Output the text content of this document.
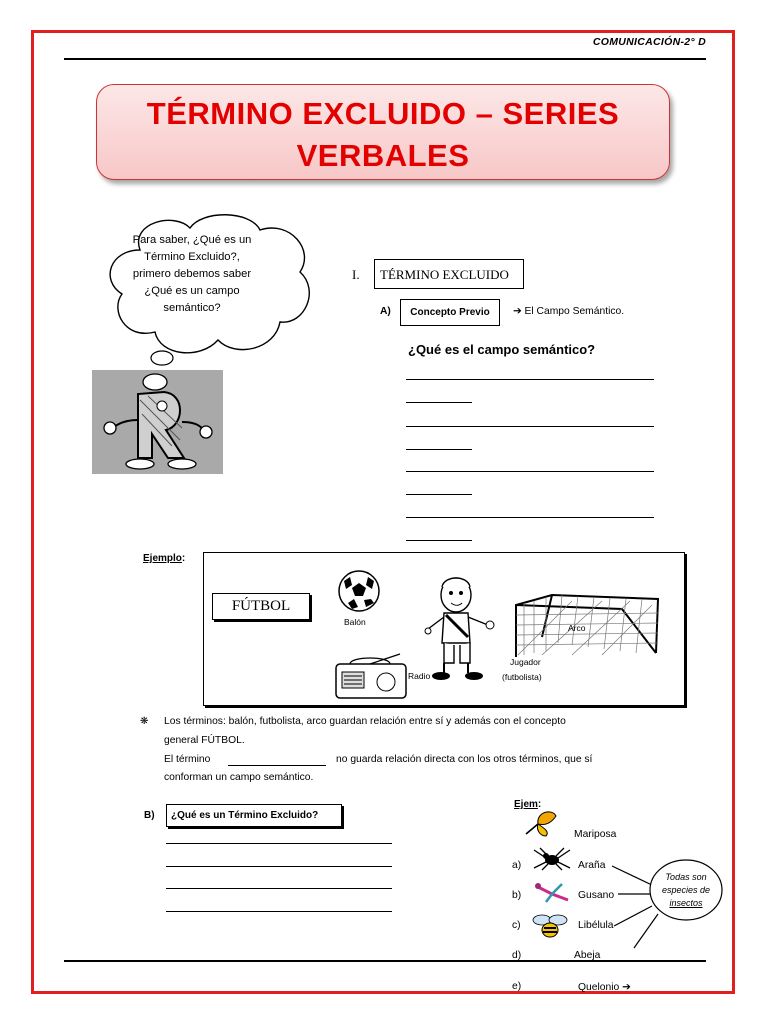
COMUNICACIÓN-2° D
TÉRMINO EXCLUIDO – SERIES
VERBALES
Para saber, ¿Qué es un Término Excluido?, primero debemos saber ¿Qué es un campo semántico?
I.	TÉRMINO EXCLUIDO
A)	Concepto Previo	➔ El Campo Semántico.
¿Qué es el campo semántico?
Ejemplo:
FÚTBOL
Balón
Arco
Radio
Jugador
(futbolista)
❋ Los términos: balón, futbolista, arco guardan relación entre sí y además con el concepto
general FÚTBOL.
El término	no guarda relación directa con los otros términos, que sí
conforman un campo semántico.
B)	¿Qué es un Término Excluido?
Ejem:
Mariposa
a)	Araña
b)	Gusano
c)	Libélula
d)	Abeja
e)	Quelonio ➔
Todas son
especies de
insectos
